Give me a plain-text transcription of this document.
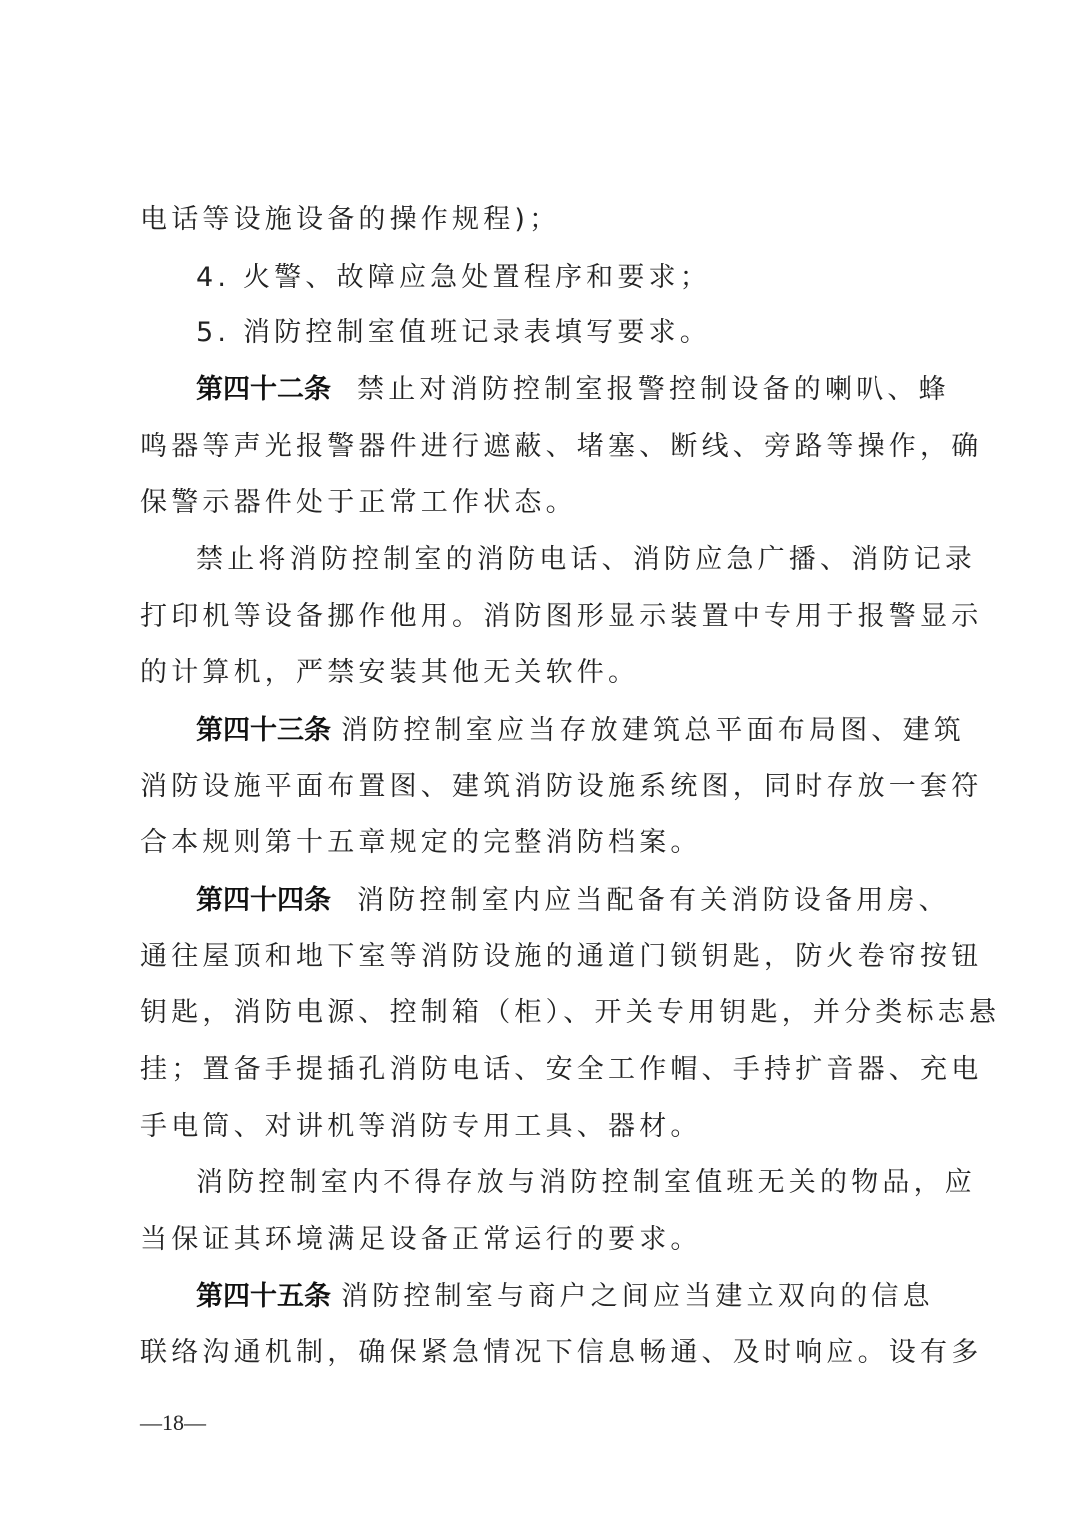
电话等设施设备的操作规程)；
4. 火警、故障应急处置程序和要求；
5. 消防控制室值班记录表填写要求。
第四十二条 禁止对消防控制室报警控制设备的喇叭、蜂
鸣器等声光报警器件进行遮蔽、堵塞、断线、旁路等操作，确
保警示器件处于正常工作状态。
禁止将消防控制室的消防电话、消防应急广播、消防记录
打印机等设备挪作他用。消防图形显示装置中专用于报警显示
的计算机，严禁安装其他无关软件。
第四十三条 消防控制室应当存放建筑总平面布局图、建筑
消防设施平面布置图、建筑消防设施系统图，同时存放一套符
合本规则第十五章规定的完整消防档案。
第四十四条 消防控制室内应当配备有关消防设备用房、
通往屋顶和地下室等消防设施的通道门锁钥匙，防火卷帘按钮
钥匙，消防电源、控制箱（柜）、开关专用钥匙，并分类标志悬
挂；置备手提插孔消防电话、安全工作帽、手持扩音器、充电
手电筒、对讲机等消防专用工具、器材。
消防控制室内不得存放与消防控制室值班无关的物品，应
当保证其环境满足设备正常运行的要求。
第四十五条 消防控制室与商户之间应当建立双向的信息
联络沟通机制，确保紧急情况下信息畅通、及时响应。设有多
—18—
